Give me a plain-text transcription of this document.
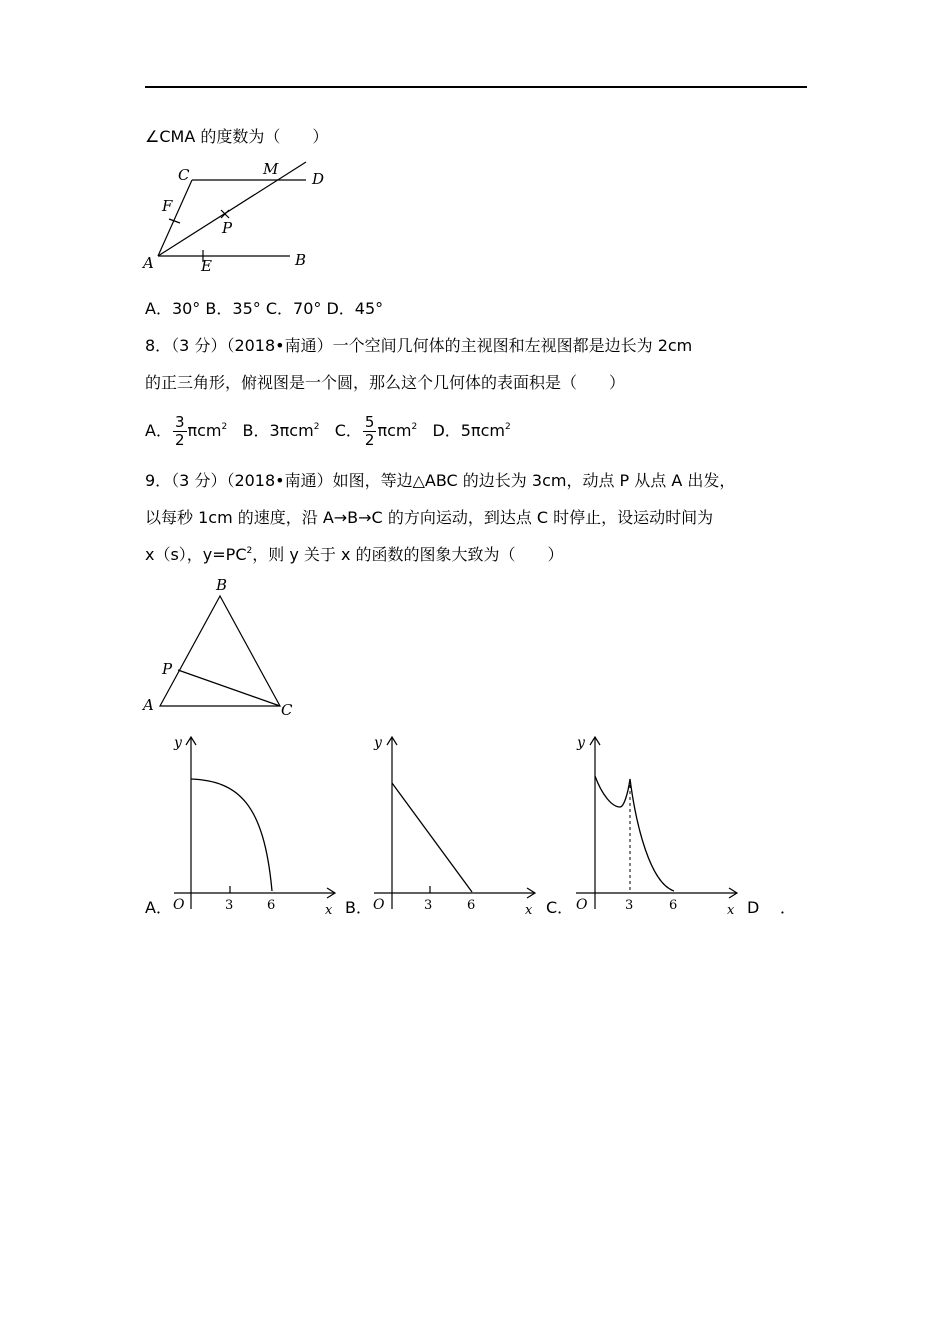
∠CMA 的度数为（　　）
C	M
D
F
P
A	E	B
A．30° B．35° C．70° D．45°
8．（3 分）（2018•南通）一个空间几何体的主视图和左视图都是边长为 2cm
的正三角形，俯视图是一个圆，那么这个几何体的表面积是（　　）
A． $\frac{3}{2} \pi cm^2$ B．3πcm$^2$ C． $\frac{5}{2} \pi cm^2$ D．5πcm$^2$
9．（3 分）（2018•南通）如图，等边△ABC 的边长为 3cm，动点 P 从点 A 出发，
以每秒 1cm 的速度，沿 A→B→C 的方向运动，到达点 C 时停止，设运动时间为
x（s），$y=PC^2$，则 y 关于 x 的函数的图象大致为（　　）
B
P
A	C
y
x
O	3	6
y
x
O	3	6
y
x
O	3	6
A．	B．	C．	D ．
